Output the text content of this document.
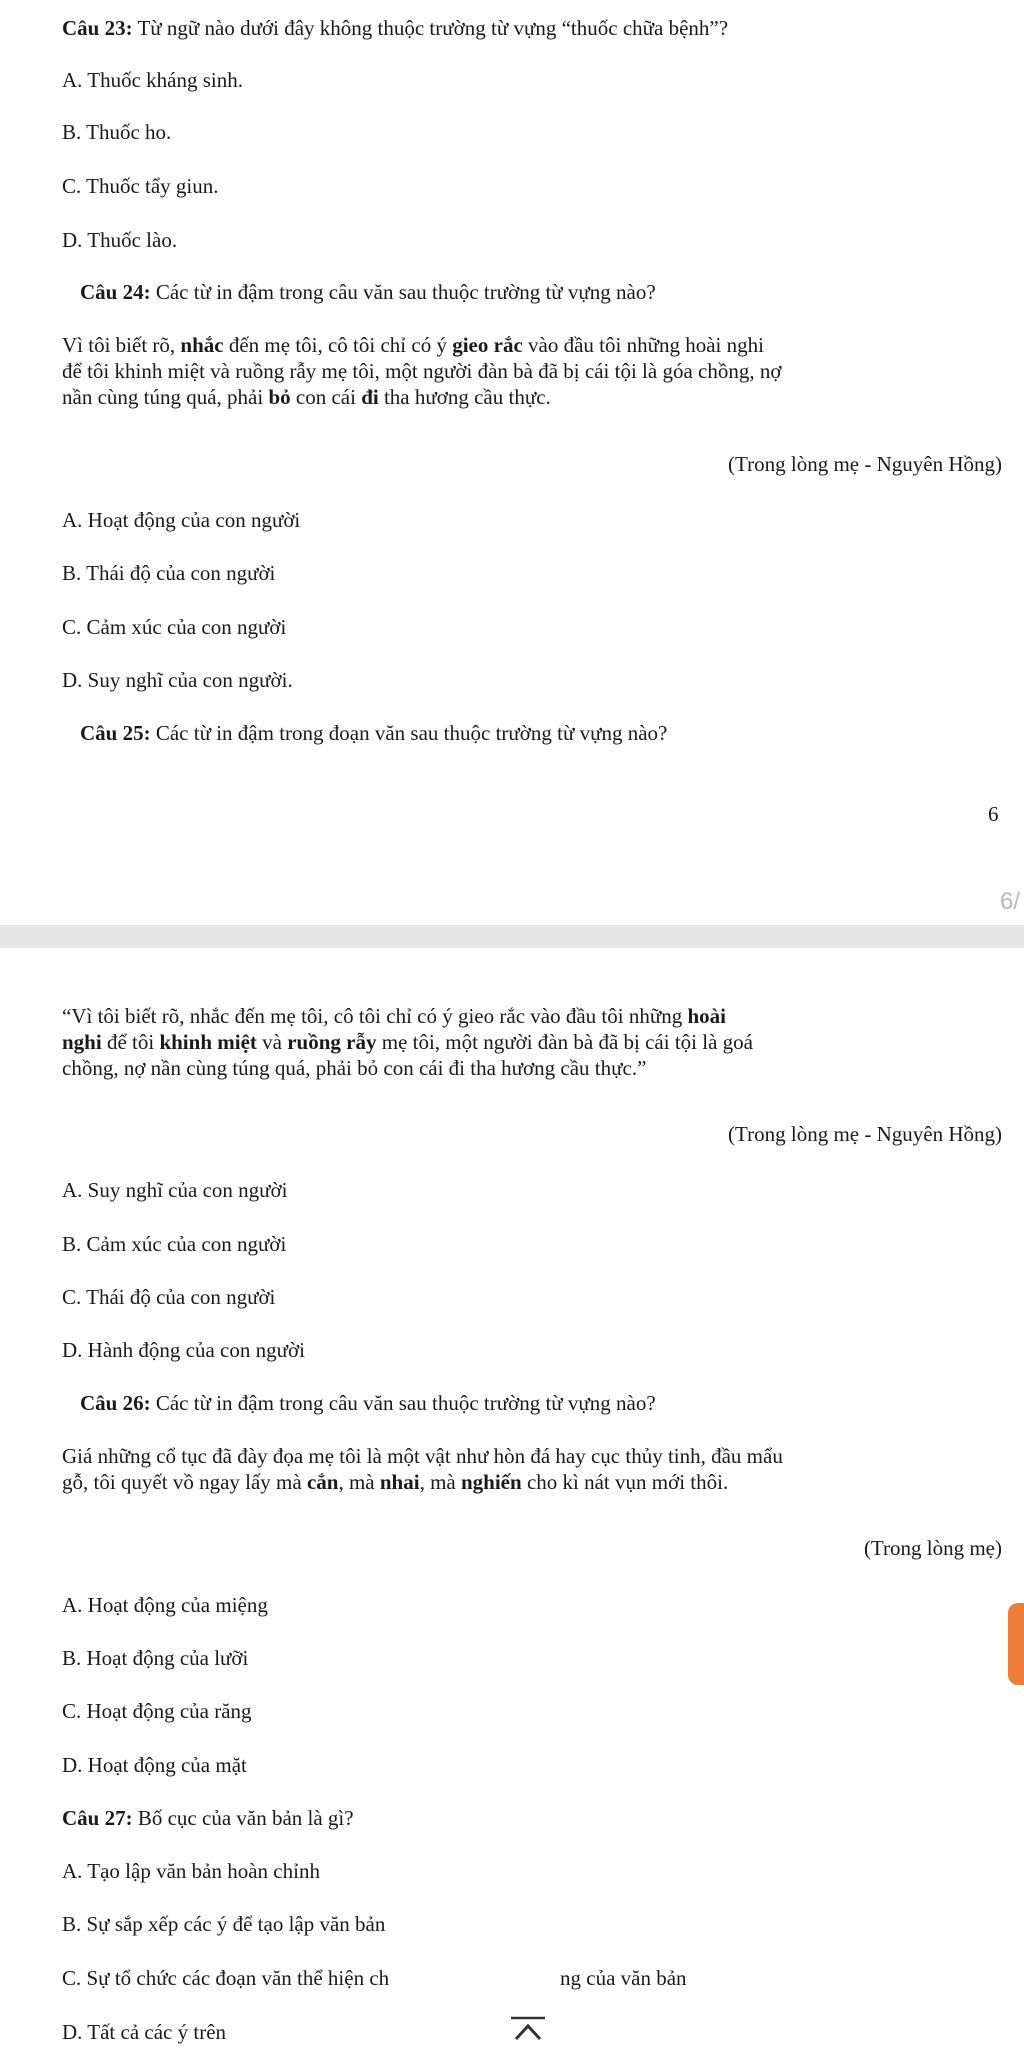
Câu 23: Từ ngữ nào dưới đây không thuộc trường từ vựng “thuốc chữa bệnh”?
A. Thuốc kháng sinh.
B. Thuốc ho.
C. Thuốc tẩy giun.
D. Thuốc lào.
Câu 24: Các từ in đậm trong câu văn sau thuộc trường từ vựng nào?
Vì tôi biết rõ, nhắc đến mẹ tôi, cô tôi chỉ có ý gieo rắc vào đầu tôi những hoài nghi
để tôi khinh miệt và ruồng rẫy mẹ tôi, một người đàn bà đã bị cái tội là góa chồng, nợ
nần cùng túng quá, phải bỏ con cái đi tha hương cầu thực.
(Trong lòng mẹ - Nguyên Hồng)
A. Hoạt động của con người
B. Thái độ của con người
C. Cảm xúc của con người
D. Suy nghĩ của con người.
Câu 25: Các từ in đậm trong đoạn văn sau thuộc trường từ vựng nào?
6
6/
“Vì tôi biết rõ, nhắc đến mẹ tôi, cô tôi chỉ có ý gieo rắc vào đầu tôi những hoài
nghi để tôi khinh miệt và ruồng rẫy mẹ tôi, một người đàn bà đã bị cái tội là goá
chồng, nợ nần cùng túng quá, phải bỏ con cái đi tha hương cầu thực.”
(Trong lòng mẹ - Nguyên Hồng)
A. Suy nghĩ của con người
B. Cảm xúc của con người
C. Thái độ của con người
D. Hành động của con người
Câu 26: Các từ in đậm trong câu văn sau thuộc trường từ vựng nào?
Giá những cổ tục đã đày đọa mẹ tôi là một vật như hòn đá hay cục thủy tinh, đầu mẩu
gỗ, tôi quyết vồ ngay lấy mà cắn, mà nhai, mà nghiến cho kì nát vụn mới thôi.
(Trong lòng mẹ)
A. Hoạt động của miệng
B. Hoạt động của lưỡi
C. Hoạt động của răng
D. Hoạt động của mặt
Câu 27: Bố cục của văn bản là gì?
A. Tạo lập văn bản hoàn chỉnh
B. Sự sắp xếp các ý để tạo lập văn bản
C. Sự tổ chức các đoạn văn thể hiện ch	ng của văn bản
D. Tất cả các ý trên
